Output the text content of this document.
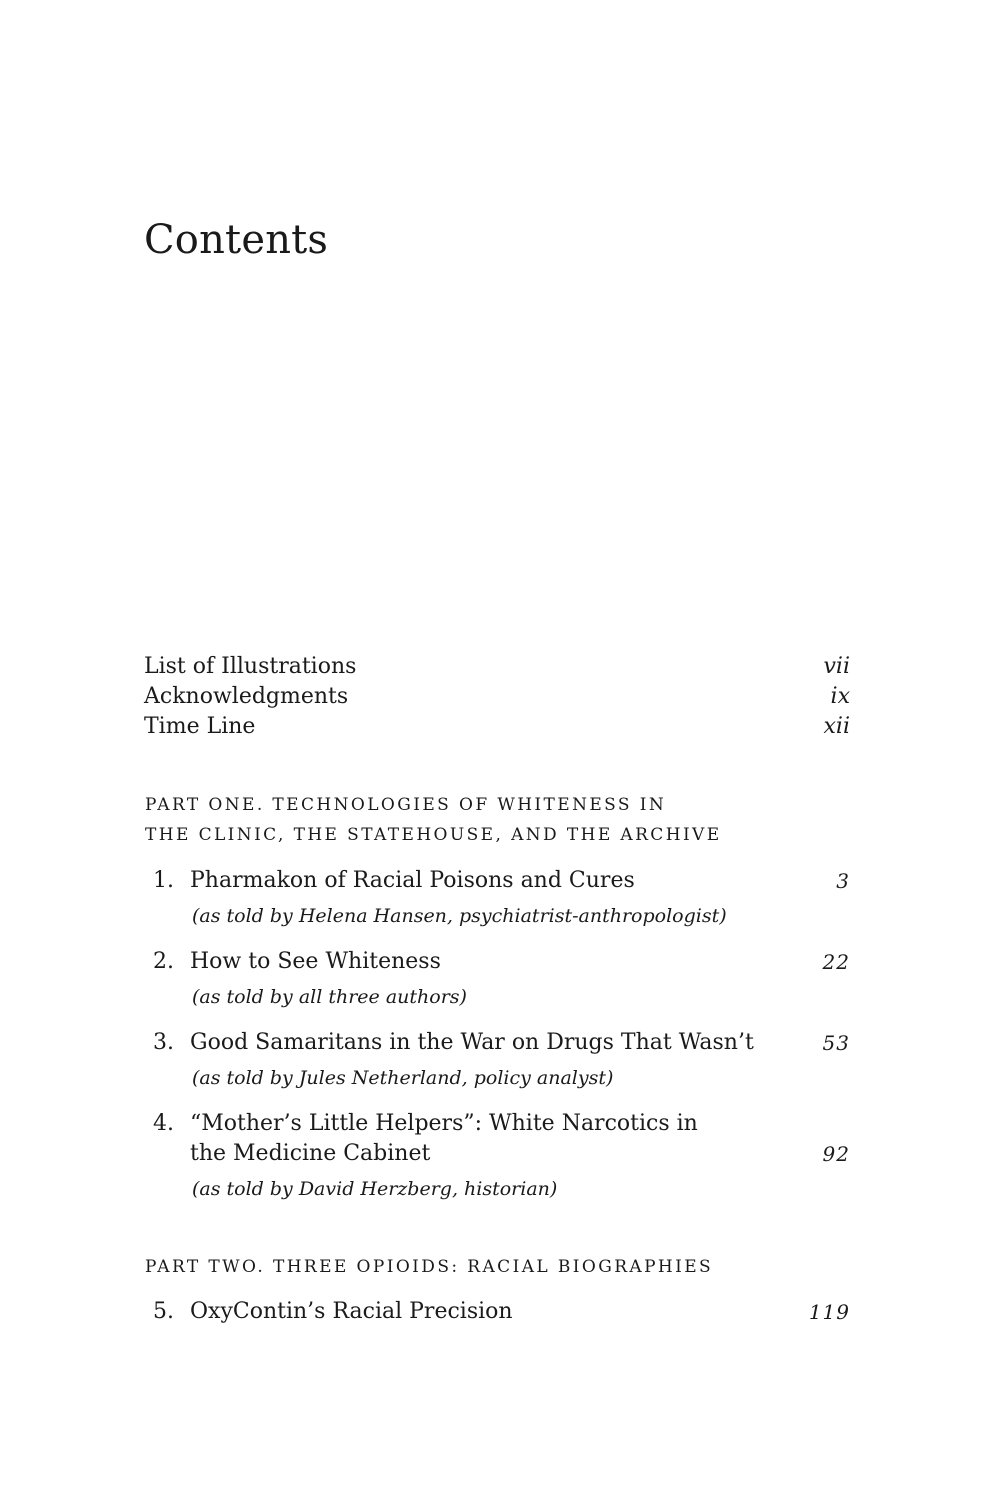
Contents
List of Illustrations	vii
Acknowledgments	ix
Time Line	xii
PART ONE. TECHNOLOGIES OF WHITENESS IN
THE CLINIC, THE STATEHOUSE, AND THE ARCHIVE
1. Pharmakon of Racial Poisons and Cures	3
(as told by Helena Hansen, psychiatrist-anthropologist)
2. How to See Whiteness	22
(as told by all three authors)
3. Good Samaritans in the War on Drugs That Wasn’t	53
(as told by Jules Netherland, policy analyst)
4. “Mother’s Little Helpers”: White Narcotics in
the Medicine Cabinet	92
(as told by David Herzberg, historian)
PART TWO. THREE OPIOIDS: RACIAL BIOGRAPHIES
5. OxyContin’s Racial Precision	119
